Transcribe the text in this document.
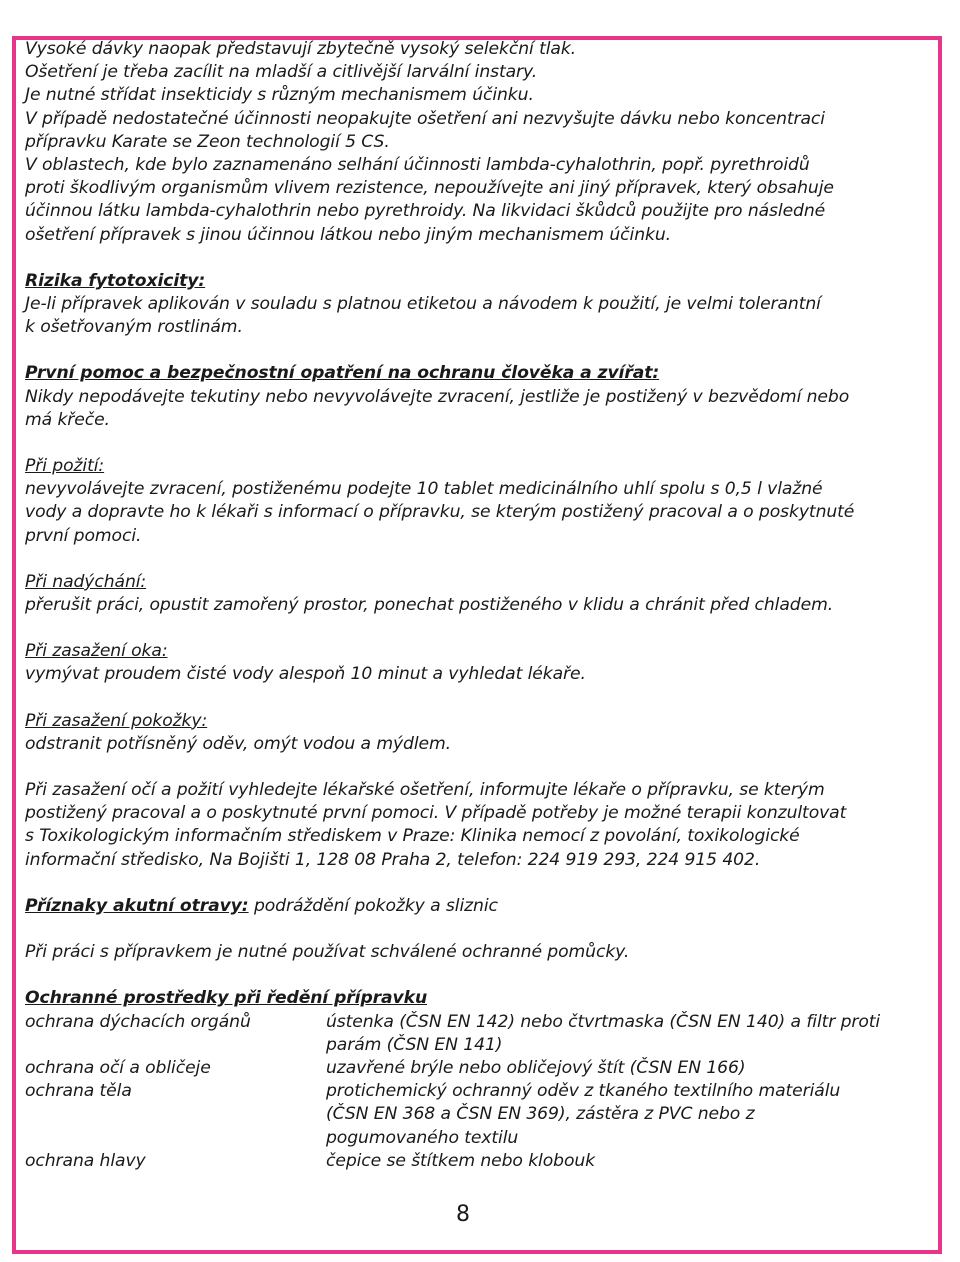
Vysoké dávky naopak představují zbytečně vysoký selekční tlak.

Ošetření je třeba zacílit na mladší a citlivější larvální instary.

Je nutné střídat insekticidy s různým mechanismem účinku.

V případě nedostatečné účinnosti neopakujte ošetření ani nezvyšujte dávku nebo koncentraci

přípravku Karate se Zeon technologií 5 CS.

V oblastech, kde bylo zaznamenáno selhání účinnosti lambda-cyhalothrin, popř. pyrethroidů

proti škodlivým organismům vlivem rezistence, nepoužívejte ani jiný přípravek, který obsahuje

účinnou látku lambda-cyhalothrin nebo pyrethroidy. Na likvidaci škůdců použijte pro následné

ošetření přípravek s jinou účinnou látkou nebo jiným mechanismem účinku.

Rizika fytotoxicity:

Je-li přípravek aplikován v souladu s platnou etiketou a návodem k použití, je velmi tolerantní

k ošetřovaným rostlinám.

První pomoc a bezpečnostní opatření na ochranu člověka a zvířat:

Nikdy nepodávejte tekutiny nebo nevyvolávejte zvracení, jestliže je postižený v bezvědomí nebo

má křeče.

Při požití:

nevyvolávejte zvracení, postiženému podejte 10 tablet medicinálního uhlí spolu s 0,5 l vlažné

vody a dopravte ho k lékaři s informací o přípravku, se kterým postižený pracoval a o poskytnuté

první pomoci.

Při nadýchání:

přerušit práci, opustit zamořený prostor, ponechat postiženého v klidu a chránit před chladem.

Při zasažení oka:

vymývat proudem čisté vody alespoň 10 minut a vyhledat lékaře.

Při zasažení pokožky:

odstranit potřísněný oděv, omýt vodou a mýdlem.

Při zasažení očí a požití vyhledejte lékařské ošetření, informujte lékaře o přípravku, se kterým

postižený pracoval a o poskytnuté první pomoci. V případě potřeby je možné terapii konzultovat

s Toxikologickým informačním střediskem v Praze: Klinika nemocí z povolání, toxikologické

informační středisko, Na Bojišti 1, 128 08 Praha 2, telefon: 224 919 293, 224 915 402.

Příznaky akutní otravy: podráždění pokožky a sliznic

Při práci s přípravkem je nutné používat schválené ochranné pomůcky.

Ochranné prostředky při ředění přípravku

ochrana dýchacích orgánů	ústenka (ČSN EN 142) nebo čtvrtmaska (ČSN EN 140) a filtr proti

parám (ČSN EN 141)

ochrana očí a obličeje	uzavřené brýle nebo obličejový štít (ČSN EN 166)

ochrana těla	protichemický ochranný oděv z tkaného textilního materiálu

(ČSN EN 368 a ČSN EN 369), zástěra z PVC nebo z

pogumovaného textilu

ochrana hlavy	čepice se štítkem nebo klobouk

8
